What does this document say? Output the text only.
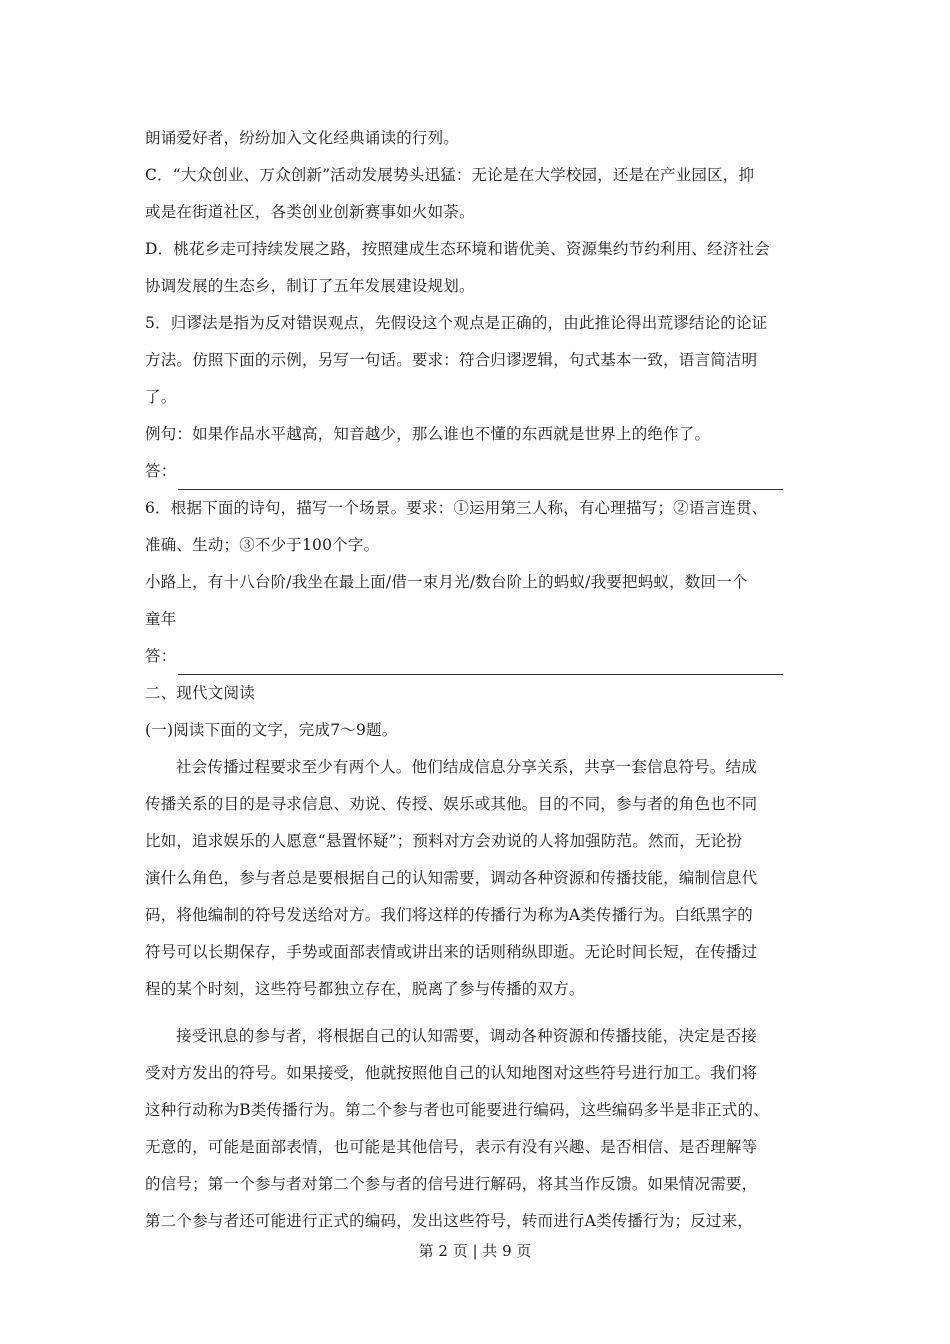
朗诵爱好者，纷纷加入文化经典诵读的行列。
C．“大众创业、万众创新”活动发展势头迅猛：无论是在大学校园，还是在产业园区，抑
或是在街道社区，各类创业创新赛事如火如荼。
D．桃花乡走可持续发展之路，按照建成生态环境和谐优美、资源集约节约利用、经济社会
协调发展的生态乡，制订了五年发展建设规划。
5．归谬法是指为反对错误观点，先假设这个观点是正确的，由此推论得出荒谬结论的论证
方法。仿照下面的示例，另写一句话。要求：符合归谬逻辑，句式基本一致，语言简洁明
了。
例句：如果作品水平越高，知音越少，那么谁也不懂的东西就是世界上的绝作了。
答：
6．根据下面的诗句，描写一个场景。要求：①运用第三人称，有心理描写；②语言连贯、
准确、生动；③不少于100个字。
小路上，有十八台阶/我坐在最上面/借一束月光/数台阶上的蚂蚁/我要把蚂蚁，数回一个
童年
答：
二、现代文阅读
(一)阅读下面的文字，完成7～9题。
社会传播过程要求至少有两个人。他们结成信息分享关系，共享一套信息符号。结成
传播关系的目的是寻求信息、劝说、传授、娱乐或其他。目的不同，参与者的角色也不同
比如，追求娱乐的人愿意“悬置怀疑”；预料对方会劝说的人将加强防范。然而，无论扮
演什么角色，参与者总是要根据自己的认知需要，调动各种资源和传播技能，编制信息代
码，将他编制的符号发送给对方。我们将这样的传播行为称为A类传播行为。白纸黑字的
符号可以长期保存，手势或面部表情或讲出来的话则稍纵即逝。无论时间长短，在传播过
程的某个时刻，这些符号都独立存在，脱离了参与传播的双方。
接受讯息的参与者，将根据自己的认知需要，调动各种资源和传播技能，决定是否接
受对方发出的符号。如果接受，他就按照他自己的认知地图对这些符号进行加工。我们将
这种行动称为B类传播行为。第二个参与者也可能要进行编码，这些编码多半是非正式的、
无意的，可能是面部表情，也可能是其他信号，表示有没有兴趣、是否相信、是否理解等
的信号；第一个参与者对第二个参与者的信号进行解码，将其当作反馈。如果情况需要，
第二个参与者还可能进行正式的编码，发出这些符号，转而进行A类传播行为；反过来，
第 2 页 | 共 9 页
